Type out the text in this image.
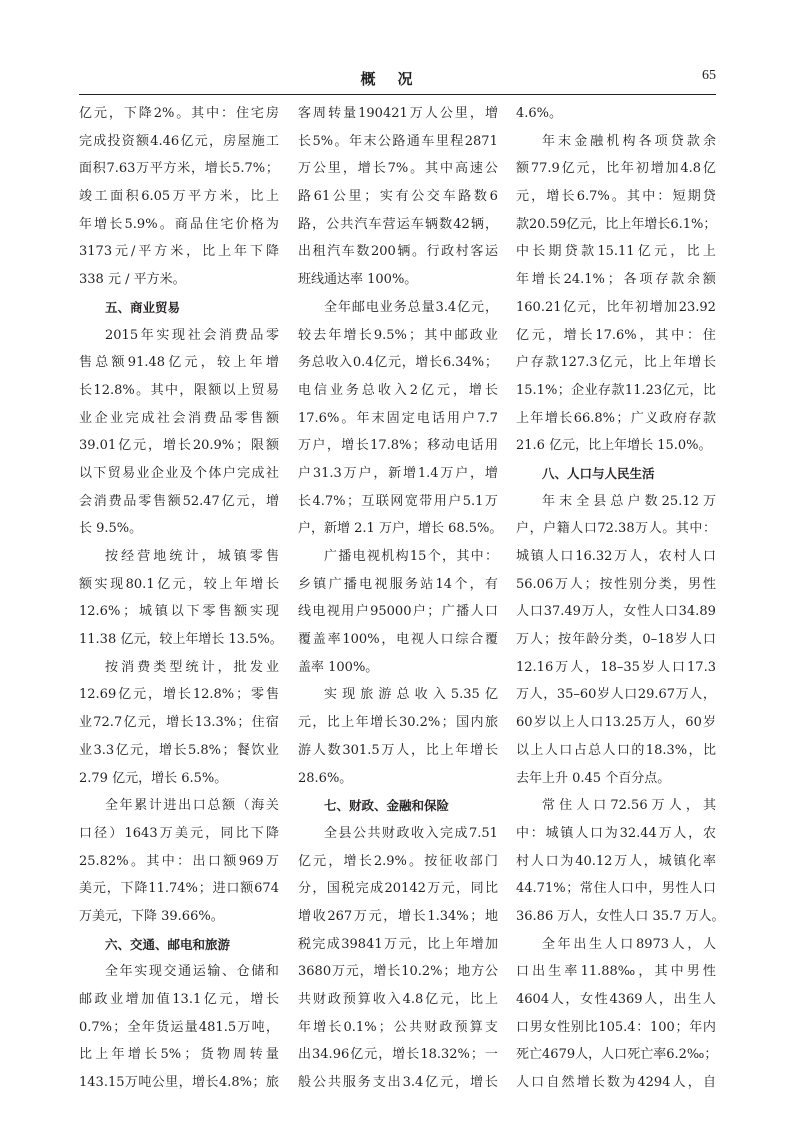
概况	65
亿 元 ， 下 降 2% 。 其 中 ： 住 宅 房
完 成 投 资 额 4.46 亿 元 ， 房 屋 施 工
面 积 7.63 万 平 方 米 ， 增 长 5.7% ；
竣 工 面 积 6.05 万 平 方 米 ， 比 上
年 增 长 5.9% 。 商 品 住 宅 价 格 为
3173 元 / 平 方 米 ， 比 上 年 下 降
338 元 / 平方米。
五、商业贸易
2015 年 实 现 社 会 消 费 品 零
售 总 额 91.48 亿 元 ， 较 上 年 增
长 12.8% 。 其 中 ， 限 额 以 上 贸 易
业 企 业 完 成 社 会 消 费 品 零 售 额
39.01 亿 元 ， 增 长 20.9% ； 限 额
以 下 贸 易 业 企 业 及 个 体 户 完 成 社
会 消 费 品 零 售 额 52.47 亿 元 ， 增
长 9.5%。
按 经 营 地 统 计 ， 城 镇 零 售
额 实 现 80.1 亿 元 ， 较 上 年 增 长
12.6% ； 城 镇 以 下 零 售 额 实 现
11.38 亿元，较上年增长 13.5%。
按 消 费 类 型 统 计 ， 批 发 业
12.69 亿 元 ， 增 长 12.8% ； 零 售
业 72.7 亿 元 ， 增 长 13.3% ； 住 宿
业 3.3 亿 元 ， 增 长 5.8% ； 餐 饮 业
2.79 亿元，增长 6.5%。
全 年 累 计 进 出 口 总 额 （ 海 关
口 径 ） 1643 万 美 元 ， 同 比 下 降
25.82% 。 其 中 ： 出 口 额 969 万
美 元 ， 下 降 11.74% ； 进 口 额 674
万美元，下降 39.66%。
六、交通、邮电和旅游
全 年 实 现 交 通 运 输 、 仓 储 和
邮 政 业 增 加 值 13.1 亿 元 ， 增 长
0.7% ； 全 年 货 运 量 481.5 万 吨 ，
比 上 年 增 长 5% ； 货 物 周 转 量
143.15 万 吨 公 里 ， 增 长 4.8% ； 旅
客 周 转 量 190421 万 人 公 里 ， 增
长 5% 。 年 末 公 路 通 车 里 程 2871
万 公 里 ， 增 长 7% 。 其 中 高 速 公
路 61 公 里 ； 实 有 公 交 车 路 数 6
路 ， 公 共 汽 车 营 运 车 辆 数 42 辆 ，
出 租 汽 车 数 200 辆 。 行 政 村 客 运
班线通达率 100%。
全 年 邮 电 业 务 总 量 3.4 亿 元 ，
较 去 年 增 长 9.5% ； 其 中 邮 政 业
务 总 收 入 0.4 亿 元 ， 增 长 6.34% ；
电 信 业 务 总 收 入 2 亿 元 ， 增 长
17.6% 。 年 末 固 定 电 话 用 户 7.7
万 户 ， 增 长 17.8% ； 移 动 电 话 用
户 31.3 万 户 ， 新 增 1.4 万 户 ， 增
长 4.7% ； 互 联 网 宽 带 用 户 5.1 万
户，新增 2.1 万户，增长 68.5%。
广 播 电 视 机 构 15 个 ， 其 中 ：
乡 镇 广 播 电 视 服 务 站 14 个 ， 有
线 电 视 用 户 95000 户 ； 广 播 人 口
覆 盖 率 100% ， 电 视 人 口 综 合 覆
盖率 100%。
实 现 旅 游 总 收 入 5.35 亿
元 ， 比 上 年 增 长 30.2% ； 国 内 旅
游 人 数 301.5 万 人 ， 比 上 年 增 长
28.6%。
七、财政、金融和保险
全 县 公 共 财 政 收 入 完 成 7.51
亿 元 ， 增 长 2.9% 。 按 征 收 部 门
分 ， 国 税 完 成 20142 万 元 ， 同 比
增 收 267 万 元 ， 增 长 1.34% ； 地
税 完 成 39841 万 元 ， 比 上 年 增 加
3680 万 元 ， 增 长 10.2% ； 地 方 公
共 财 政 预 算 收 入 4.8 亿 元 ， 比 上
年 增 长 0.1% ； 公 共 财 政 预 算 支
出 34.96 亿 元 ， 增 长 18.32% ； 一
般 公 共 服 务 支 出 3.4 亿 元 ， 增 长
4.6%。
年 末 金 融 机 构 各 项 贷 款 余
额 77.9 亿 元 ， 比 年 初 增 加 4.8 亿
元 ， 增 长 6.7% 。 其 中 ： 短 期 贷
款 20.59 亿 元 ， 比 上 年 增 长 6.1% ；
中 长 期 贷 款 15.11 亿 元 ， 比 上
年 增 长 24.1% ； 各 项 存 款 余 额
160.21 亿 元 ， 比 年 初 增 加 23.92
亿 元 ， 增 长 17.6% ， 其 中 ： 住
户 存 款 127.3 亿 元 ， 比 上 年 增 长
15.1% ； 企 业 存 款 11.23 亿 元 ， 比
上 年 增 长 66.8% ； 广 义 政 府 存 款
21.6 亿元，比上年增长 15.0%。
八、人口与人民生活
年 末 全 县 总 户 数 25.12 万
户 ， 户 籍 人 口 72.38 万 人 。 其 中 ：
城 镇 人 口 16.32 万 人 ， 农 村 人 口
56.06 万 人 ； 按 性 别 分 类 ， 男 性
人 口 37.49 万 人 ， 女 性 人 口 34.89
万 人 ； 按 年 龄 分 类 ， 0–18 岁 人 口
12.16 万 人 ， 18–35 岁 人 口 17.3
万 人 ， 35–60 岁 人 口 29.67 万 人 ，
60 岁 以 上 人 口 13.25 万 人 ， 60 岁
以 上 人 口 占 总 人 口 的 18.3% ， 比
去年上升 0.45 个百分点。
常 住 人 口 72.56 万 人 ， 其
中 ： 城 镇 人 口 为 32.44 万 人 ， 农
村 人 口 为 40.12 万 人 ， 城 镇 化 率
44.71% ； 常 住 人 口 中 ， 男 性 人 口
36.86 万人，女性人口 35.7 万人。
全 年 出 生 人 口 8973 人 ， 人
口 出 生 率 11.88‰ ， 其 中 男 性
4604 人 ， 女 性 4369 人 ， 出 生 人
口 男 女 性 别 比 105.4 ： 100 ； 年 内
死 亡 4679 人 ， 人 口 死 亡 率 6.2‰ ；
人 口 自 然 增 长 数 为 4294 人 ， 自
